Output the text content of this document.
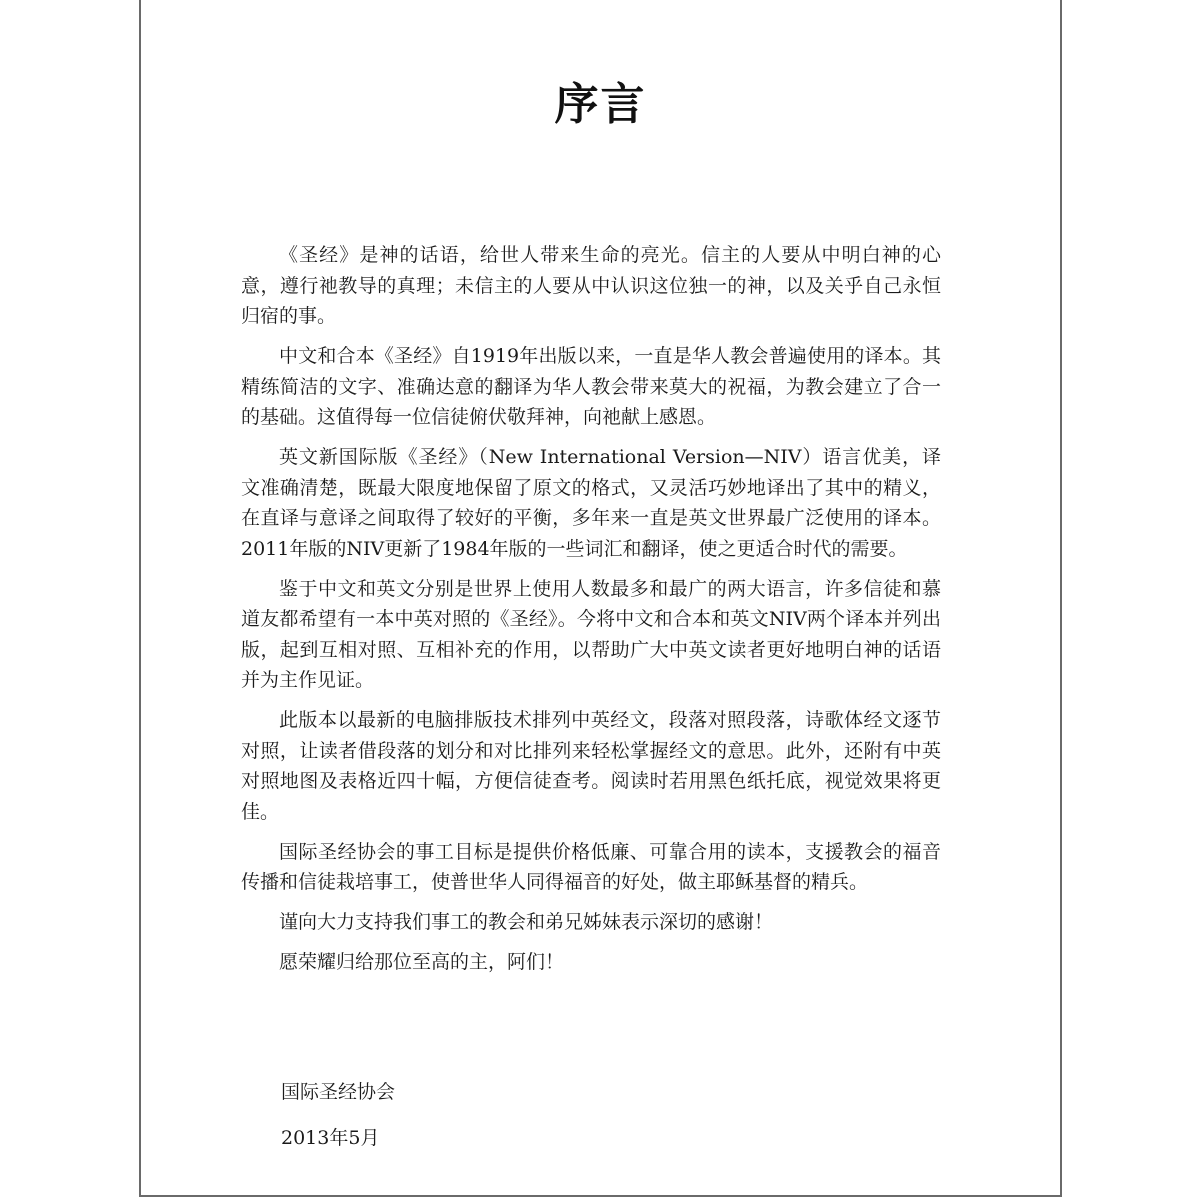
序言

《圣经》是神的话语，给世人带来生命的亮光。信主的人要从中明白神的心意，遵行祂教导的真理；未信主的人要从中认识这位独一的神，以及关乎自己永恒归宿的事。

中文和合本《圣经》自1919年出版以来，一直是华人教会普遍使用的译本。其精练简洁的文字、准确达意的翻译为华人教会带来莫大的祝福，为教会建立了合一的基础。这值得每一位信徒俯伏敬拜神，向祂献上感恩。

英文新国际版《圣经》（New International Version—NIV）语言优美，译文准确清楚，既最大限度地保留了原文的格式，又灵活巧妙地译出了其中的精义，在直译与意译之间取得了较好的平衡，多年来一直是英文世界最广泛使用的译本。2011年版的NIV更新了1984年版的一些词汇和翻译，使之更适合时代的需要。

鉴于中文和英文分别是世界上使用人数最多和最广的两大语言，许多信徒和慕道友都希望有一本中英对照的《圣经》。今将中文和合本和英文NIV两个译本并列出版，起到互相对照、互相补充的作用，以帮助广大中英文读者更好地明白神的话语并为主作见证。

此版本以最新的电脑排版技术排列中英经文，段落对照段落，诗歌体经文逐节对照，让读者借段落的划分和对比排列来轻松掌握经文的意思。此外，还附有中英对照地图及表格近四十幅，方便信徒查考。阅读时若用黑色纸托底，视觉效果将更佳。

国际圣经协会的事工目标是提供价格低廉、可靠合用的读本，支援教会的福音传播和信徒栽培事工，使普世华人同得福音的好处，做主耶稣基督的精兵。

谨向大力支持我们事工的教会和弟兄姊妹表示深切的感谢！

愿荣耀归给那位至高的主，阿们！

国际圣经协会
2013年5月
